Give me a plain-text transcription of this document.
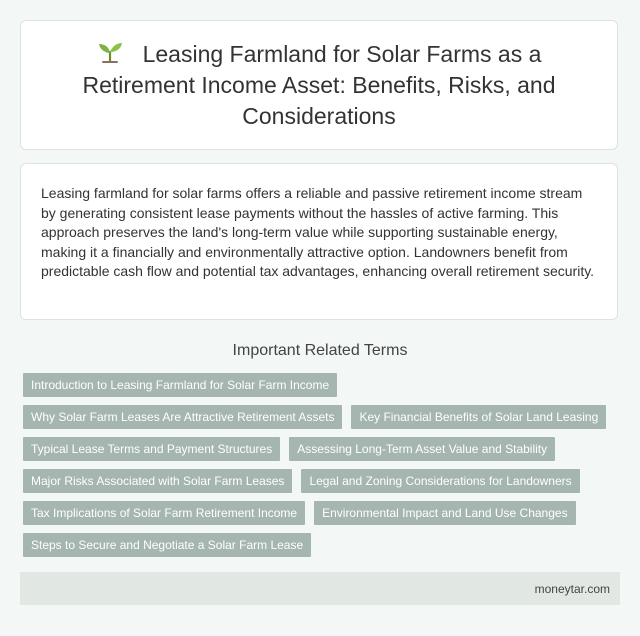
Leasing Farmland for Solar Farms as a Retirement Income Asset: Benefits, Risks, and Considerations

Leasing farmland for solar farms offers a reliable and passive retirement income stream by generating consistent lease payments without the hassles of active farming. This approach preserves the land's long-term value while supporting sustainable energy, making it a financially and environmentally attractive option. Landowners benefit from predictable cash flow and potential tax advantages, enhancing overall retirement security.

Important Related Terms
Introduction to Leasing Farmland for Solar Farm Income
Why Solar Farm Leases Are Attractive Retirement Assets	Key Financial Benefits of Solar Land Leasing
Typical Lease Terms and Payment Structures	Assessing Long-Term Asset Value and Stability
Major Risks Associated with Solar Farm Leases	Legal and Zoning Considerations for Landowners
Tax Implications of Solar Farm Retirement Income	Environmental Impact and Land Use Changes
Steps to Secure and Negotiate a Solar Farm Lease
moneytar.com
